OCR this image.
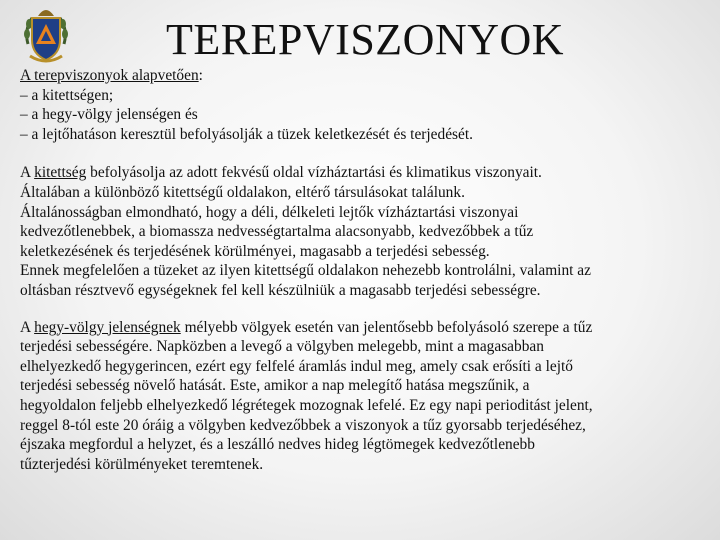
TEREPVISZONYOK

A terepviszonyok alapvetően:

– a kitettségen;

– a hegy-völgy jelenségen és

– a lejtőhatáson keresztül befolyásolják a tüzek keletkezését és terjedését.

A kitettség befolyásolja az adott fekvésű oldal vízháztartási és klimatikus viszonyait.

Általában a különböző kitettségű oldalakon, eltérő társulásokat találunk.

Általánosságban elmondható, hogy a déli, délkeleti lejtők vízháztartási viszonyai

kedvezőtlenebbek, a biomassza nedvességtartalma alacsonyabb, kedvezőbbek a tűz

keletkezésének és terjedésének körülményei, magasabb a terjedési sebesség.

Ennek megfelelően a tüzeket az ilyen kitettségű oldalakon nehezebb kontrolálni, valamint az

oltásban résztvevő egységeknek fel kell készülniük a magasabb terjedési sebességre.

A hegy-völgy jelenségnek mélyebb völgyek esetén van jelentősebb befolyásoló szerepe a tűz

terjedési sebességére. Napközben a levegő a völgyben melegebb, mint a magasabban

elhelyezkedő hegygerincen, ezért egy felfelé áramlás indul meg, amely csak erősíti a lejtő

terjedési sebesség növelő hatását. Este, amikor a nap melegítő hatása megszűnik, a

hegyoldalon feljebb elhelyezkedő légrétegek mozognak lefelé. Ez egy napi perioditást jelent,

reggel 8-tól este 20 óráig a völgyben kedvezőbbek a viszonyok a tűz gyorsabb terjedéséhez,

éjszaka megfordul a helyzet, és a leszálló nedves hideg légtömegek kedvezőtlenebb

tűzterjedési körülményeket teremtenek.
